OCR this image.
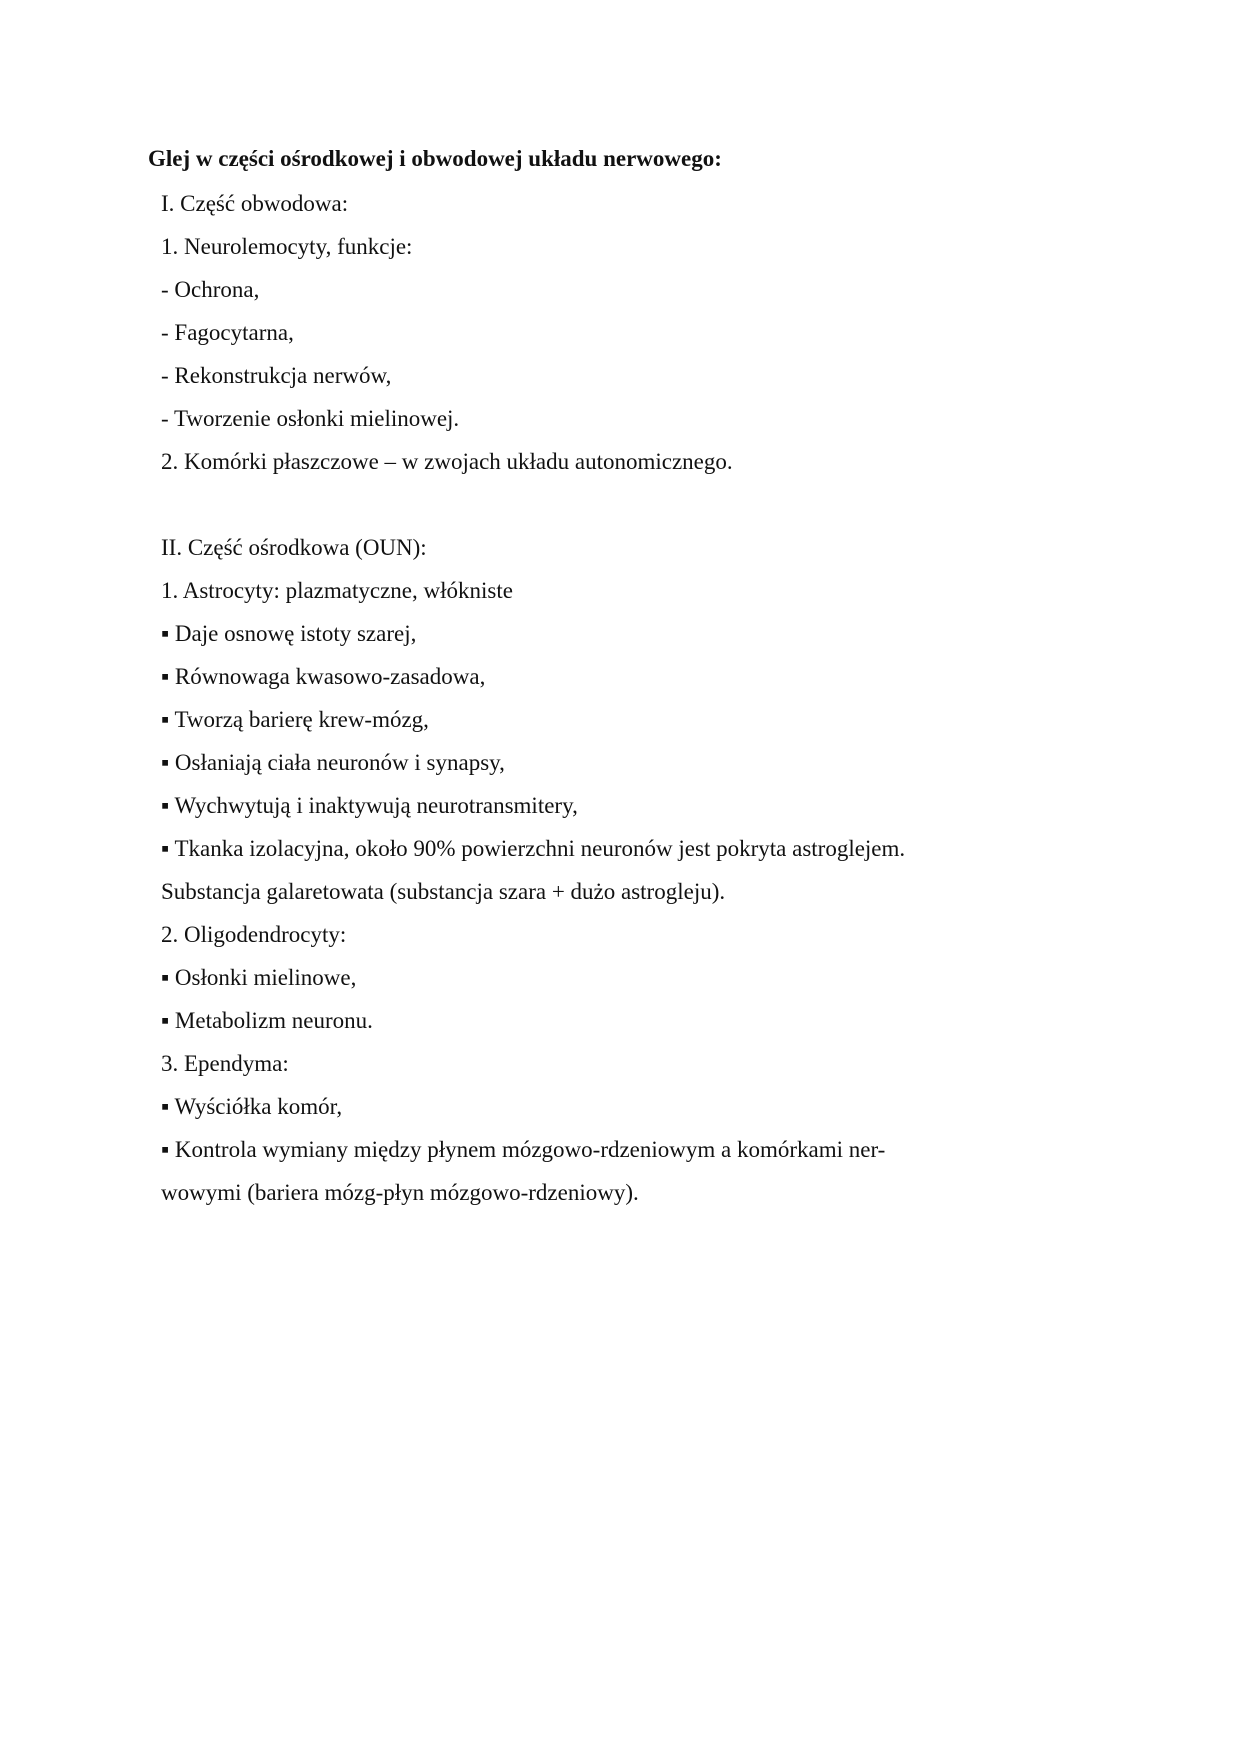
Glej w części ośrodkowej i obwodowej układu nerwowego:

I. Część obwodowa:

1. Neurolemocyty, funkcje:

- Ochrona,

- Fagocytarna,

- Rekonstrukcja nerwów,

- Tworzenie osłonki mielinowej.

2. Komórki płaszczowe – w zwojach układu autonomicznego.

II. Część ośrodkowa (OUN):

1. Astrocyty: plazmatyczne, włókniste

▪ Daje osnowę istoty szarej,

▪ Równowaga kwasowo-zasadowa,

▪ Tworzą barierę krew-mózg,

▪ Osłaniają ciała neuronów i synapsy,

▪ Wychwytują i inaktywują neurotransmitery,

▪ Tkanka izolacyjna, około 90% powierzchni neuronów jest pokryta astroglejem.

Substancja galaretowata (substancja szara + dużo astrogleju).

2. Oligodendrocyty:

▪ Osłonki mielinowe,

▪ Metabolizm neuronu.

3. Ependyma:

▪ Wyściółka komór,

▪ Kontrola wymiany między płynem mózgowo-rdzeniowym a komórkami ner-

wowymi (bariera mózg-płyn mózgowo-rdzeniowy).
